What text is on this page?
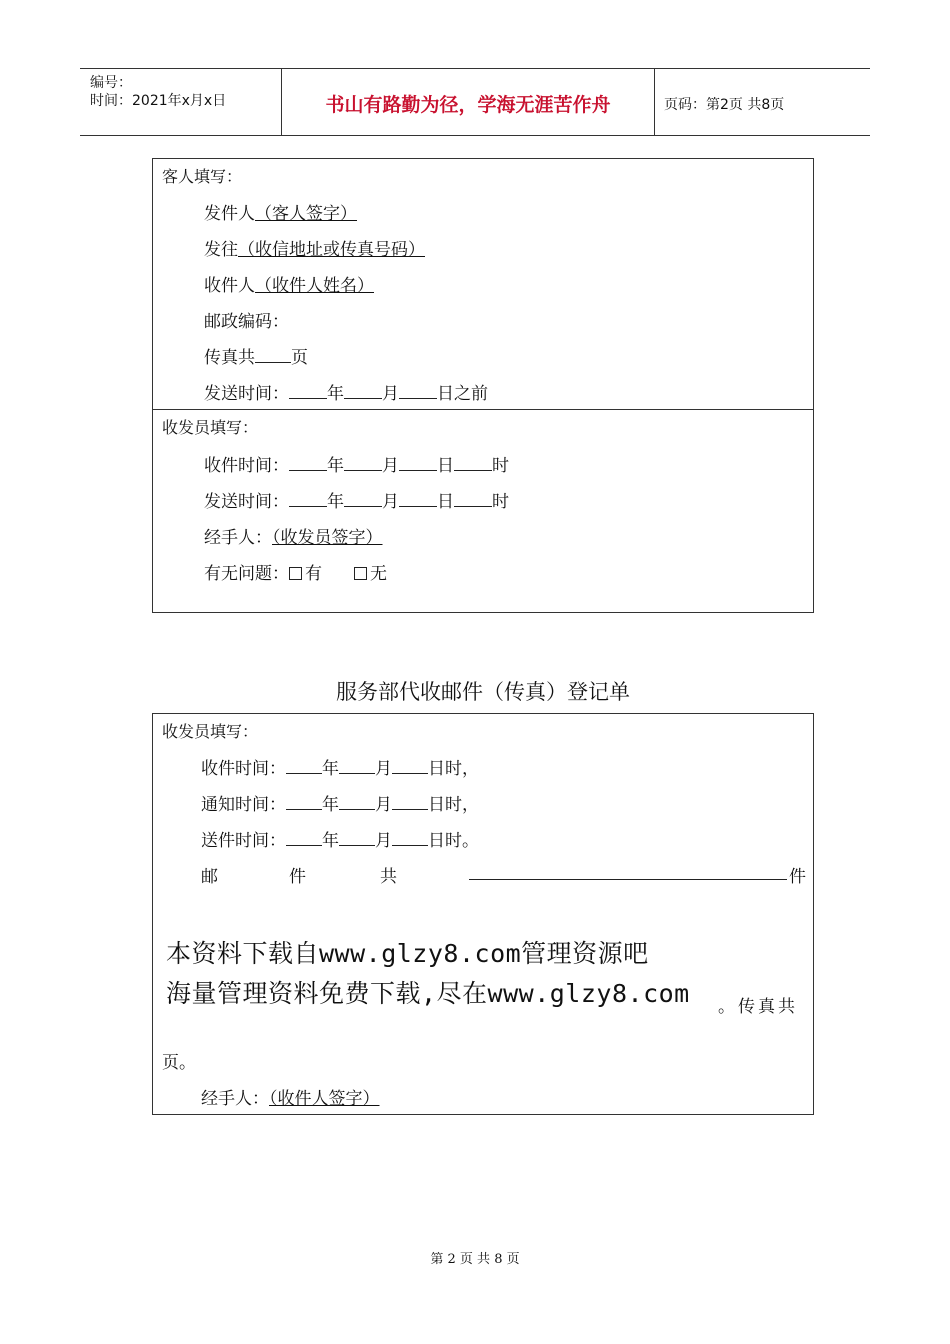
编号：
时间：2021年x月x日	书山有路勤为径，学海无涯苦作舟	页码：第2页 共8页
客人填写：
发件人（客人签字）
发往（收信地址或传真号码）
收件人（收件人姓名）
邮政编码：
传真共 页
发送时间： 年 月 日之前
收发员填写：
收件时间： 年 月 日 时
发送时间： 年 月 日 时
经手人：（收发员签字）
有无问题： 有	无
服务部代收邮件（传真）登记单
收发员填写：
收件时间： 年 月 日时，
通知时间： 年 月 日时，
送件时间： 年 月 日时。
邮	件	共	件
。传真共
页。
经手人：（收件人签字）
本资料下载自www.glzy8.com管理资源吧
海量管理资料免费下载,尽在www.glzy8.com
第 2 页 共 8 页
